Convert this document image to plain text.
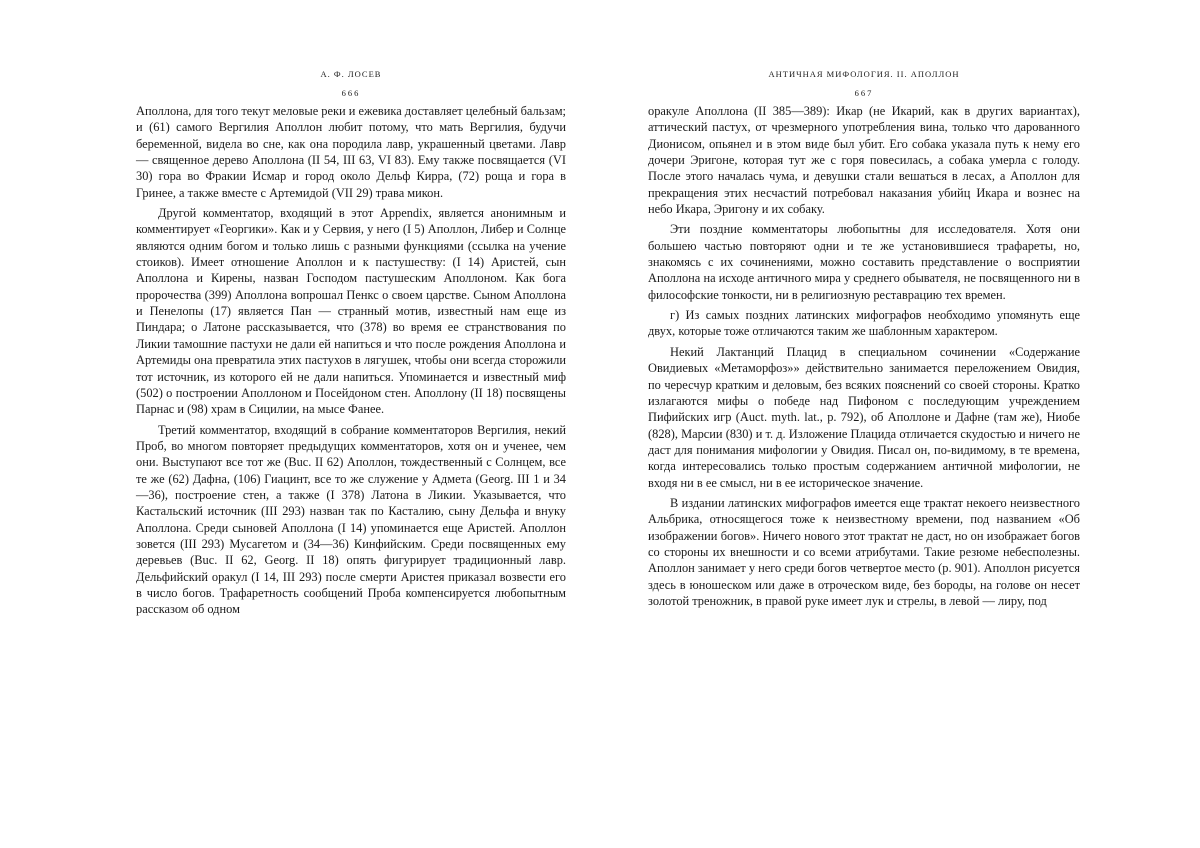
А. Ф. ЛОСЕВ
666

Аполлона, для того текут меловые реки и ежевика доставляет целебный бальзам; и (61) самого Вергилия Аполлон любит потому, что мать Вергилия, будучи беременной, видела во сне, как она породила лавр, украшенный цветами. Лавр — священное дерево Аполлона (II 54, III 63, VI 83). Ему также посвящается (VI 30) гора во Фракии Исмар и город около Дельф Кирра, (72) роща и гора в Гринее, а также вместе с Артемидой (VII 29) трава микон.

Другой комментатор, входящий в этот Appendix, является анонимным и комментирует «Георгики». Как и у Сервия, у него (I 5) Аполлон, Либер и Солнце являются одним богом и только лишь с разными функциями (ссылка на учение стоиков). Имеет отношение Аполлон и к пастушеству: (I 14) Аристей, сын Аполлона и Кирены, назван Господом пастушеским Аполлоном. Как бога пророчества (399) Аполлона вопрошал Пенкс о своем царстве. Сыном Аполлона и Пенелопы (17) является Пан — странный мотив, известный нам еще из Пиндара; о Латоне рассказывается, что (378) во время ее странствования по Ликии тамошние пастухи не дали ей напиться и что после рождения Аполлона и Артемиды она превратила этих пастухов в лягушек, чтобы они всегда сторожили тот источник, из которого ей не дали напиться. Упоминается и известный миф (502) о построении Аполлоном и Посейдоном стен. Аполлону (II 18) посвящены Парнас и (98) храм в Сицилии, на мысе Фанее.

Третий комментатор, входящий в собрание комментаторов Вергилия, некий Проб, во многом повторяет предыдущих комментаторов, хотя он и учeнее, чем они. Выступают все тот же (Buc. II 62) Аполлон, тождественный с Солнцем, все те же (62) Дафна, (106) Гиацинт, все то же служение у Адмета (Georg. III 1 и 34—36), построение стен, а также (I 378) Латона в Ликии. Указывается, что Кастальский источник (III 293) назван так по Касталию, сыну Дельфа и внуку Аполлона. Среди сыновей Аполлона (I 14) упоминается еще Аристей. Аполлон зовется (III 293) Мусагетом и (34—36) Кинфийским. Среди посвященных ему деревьев (Buc. II 62, Georg. II 18) опять фигурирует традиционный лавр. Дельфийский оракул (I 14, III 293) после смерти Аристея приказал возвести его в число богов. Трафаретность сообщений Проба компенсируется любопытным рассказом об одном

АНТИЧНАЯ МИФОЛОГИЯ. II. АПОЛЛОН
667

оракуле Аполлона (II 385—389): Икар (не Икарий, как в других вариантах), аттический пастух, от чрезмерного употребления вина, только что дарованного Дионисом, опьянел и в этом виде был убит. Его собака указала путь к нему его дочери Эригоне, которая тут же с горя повесилась, а собака умерла с голоду. После этого началась чума, и девушки стали вешаться в лесах, а Аполлон для прекращения этих несчастий потребовал наказания убийц Икара и вознес на небо Икара, Эригону и их собаку.

Эти поздние комментаторы любопытны для исследователя. Хотя они большею частью повторяют одни и те же установившиеся трафареты, но, знакомясь с их сочинениями, можно составить представление о восприятии Аполлона на исходе античного мира у среднего обывателя, не посвященного ни в философские тонкости, ни в религиозную реставрацию тех времен.

г) Из самых поздних латинских мифографов необходимо упомянуть еще двух, которые тоже отличаются таким же шаблонным характером.

Некий Лактанций Плацид в специальном сочинении «Содержание Овидиевых «Метаморфоз»» действительно занимается переложением Овидия, по чересчур кратким и деловым, без всяких пояснений со своей стороны. Кратко излагаются мифы о победе над Пифоном с последующим учреждением Пифийских игр (Auct. myth. lat., p. 792), об Аполлоне и Дафне (там же), Ниобе (828), Марсии (830) и т. д. Изложение Плацида отличается скудостью и ничего не даст для понимания мифологии у Овидия. Писал он, по-видимому, в те времена, когда интересовались только простым содержанием античной мифологии, не входя ни в ее смысл, ни в ее историческое значение.

В издании латинских мифографов имеется еще трактат некоего неизвестного Альбрика, относящегося тоже к неизвестному времени, под названием «Об изображении богов». Ничего нового этот трактат не даст, но он изображает богов со стороны их внешности и со всеми атрибутами. Такие резюме небесполезны. Аполлон занимает у него среди богов четвертое место (p. 901). Аполлон рисуется здесь в юношеском или даже в отроческом виде, без бороды, на голове он несет золотой треножник, в правой руке имеет лук и стрелы, в левой — лиру, под
